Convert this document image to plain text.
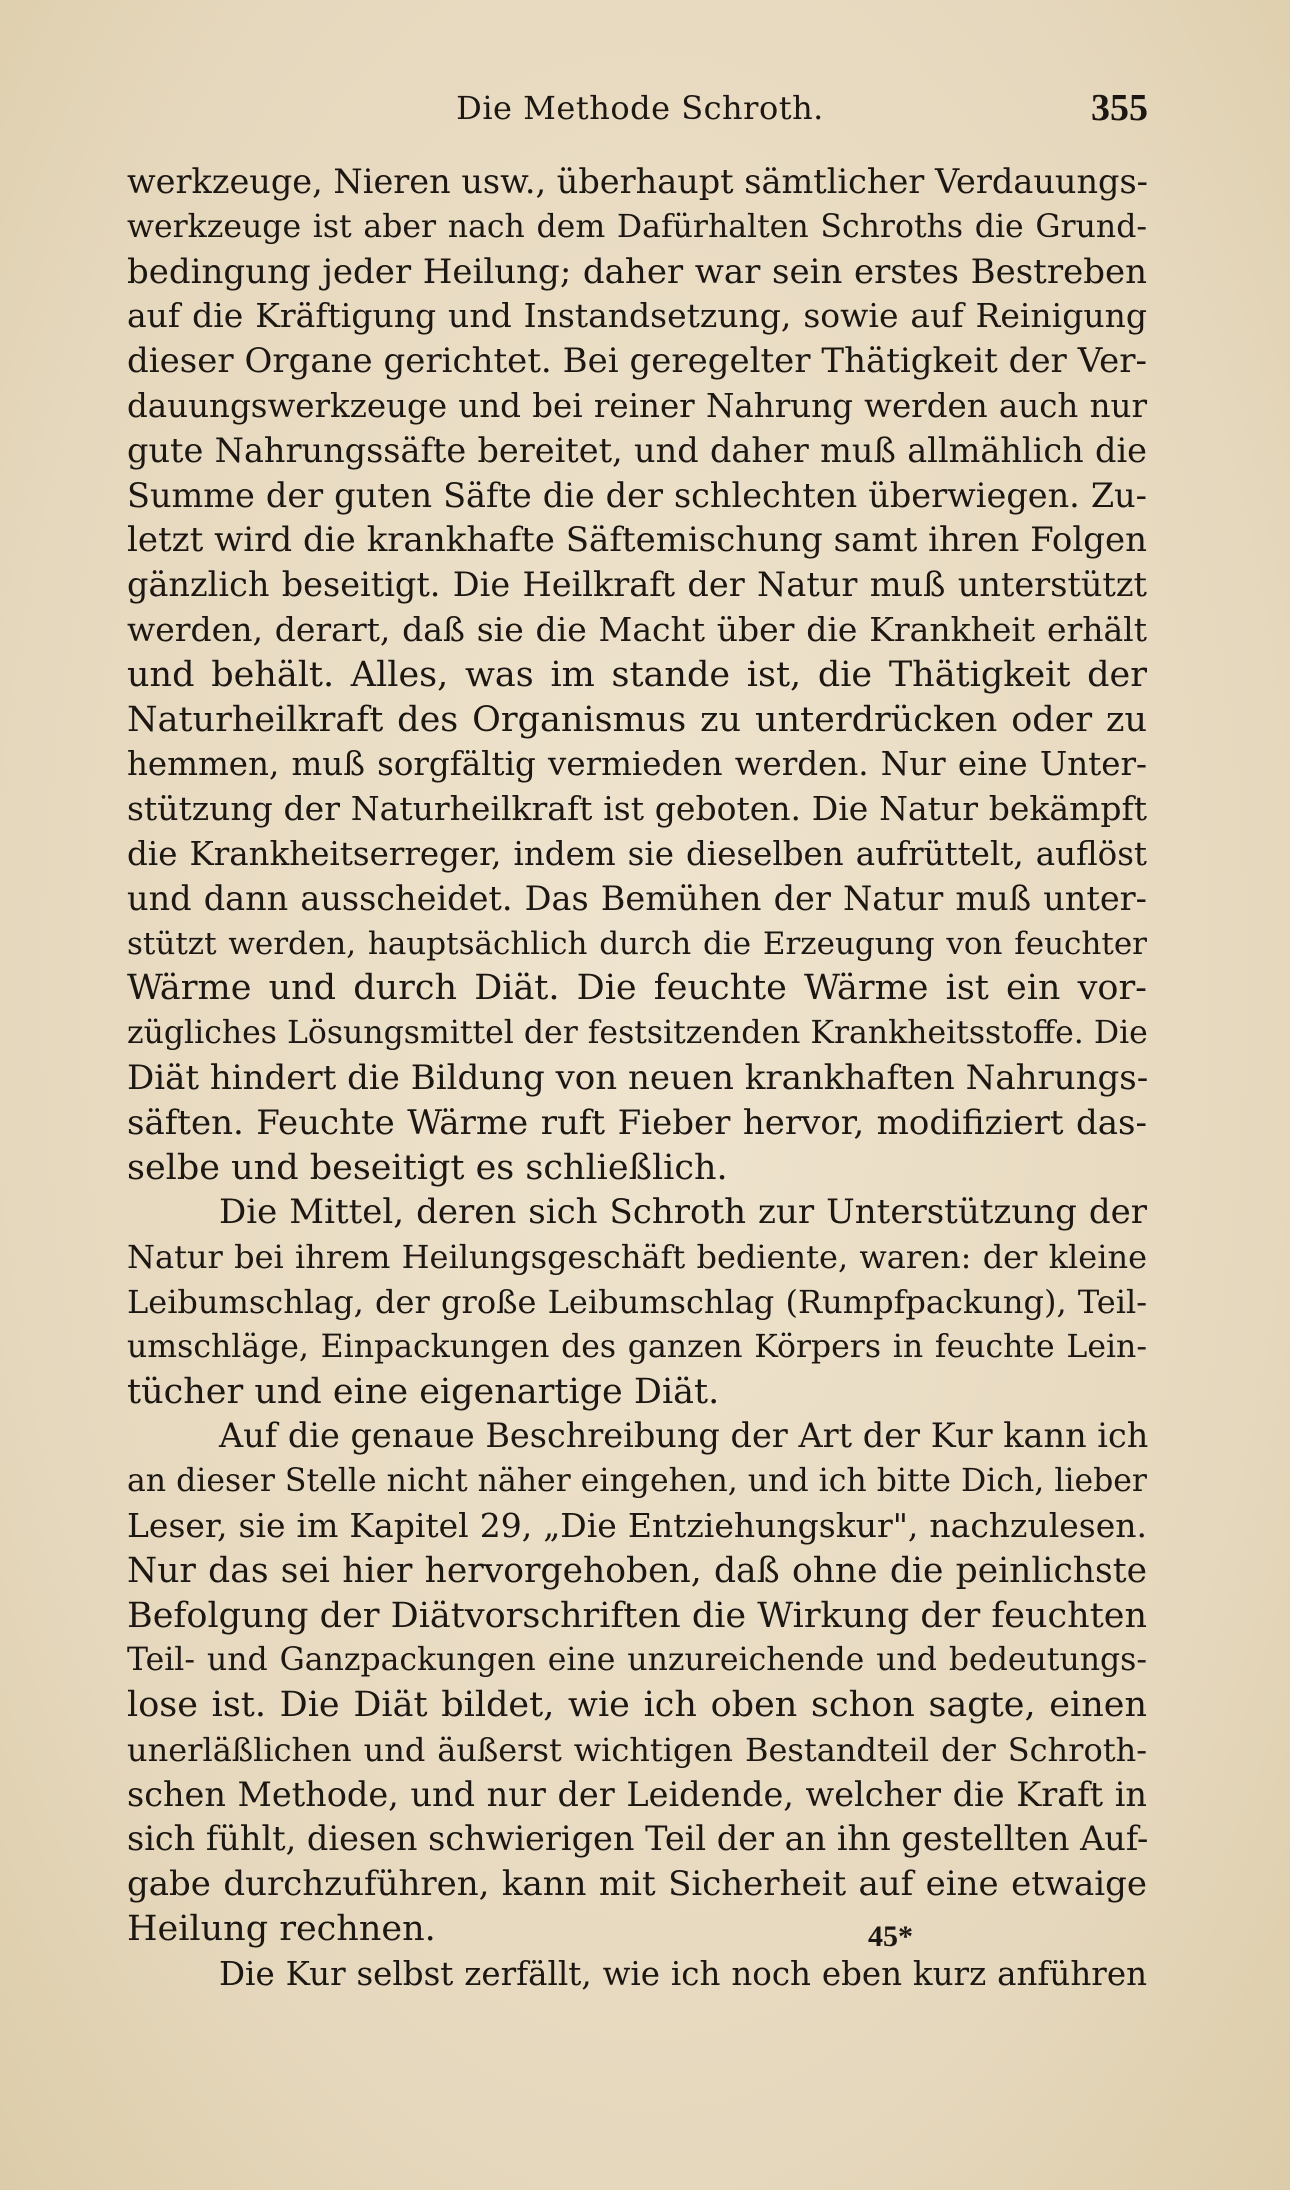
Die Methode Schroth.	355
werkzeuge, Nieren usw., überhaupt sämtlicher Verdauungs-
werkzeuge ist aber nach dem Dafürhalten Schroths die Grund-
bedingung jeder Heilung; daher war sein erstes Bestreben
auf die Kräftigung und Instandsetzung, sowie auf Reinigung
dieser Organe gerichtet. Bei geregelter Thätigkeit der Ver-
dauungswerkzeuge und bei reiner Nahrung werden auch nur
gute Nahrungssäfte bereitet, und daher muß allmählich die
Summe der guten Säfte die der schlechten überwiegen. Zu-
letzt wird die krankhafte Säftemischung samt ihren Folgen
gänzlich beseitigt. Die Heilkraft der Natur muß unterstützt
werden, derart, daß sie die Macht über die Krankheit erhält
und behält. Alles, was im stande ist, die Thätigkeit der
Naturheilkraft des Organismus zu unterdrücken oder zu
hemmen, muß sorgfältig vermieden werden. Nur eine Unter-
stützung der Naturheilkraft ist geboten. Die Natur bekämpft
die Krankheitserreger, indem sie dieselben aufrüttelt, auflöst
und dann ausscheidet. Das Bemühen der Natur muß unter-
stützt werden, hauptsächlich durch die Erzeugung von feuchter
Wärme und durch Diät. Die feuchte Wärme ist ein vor-
zügliches Lösungsmittel der festsitzenden Krankheitsstoffe. Die
Diät hindert die Bildung von neuen krankhaften Nahrungs-
säften. Feuchte Wärme ruft Fieber hervor, modifiziert das-
selbe und beseitigt es schließlich.
Die Mittel, deren sich Schroth zur Unterstützung der
Natur bei ihrem Heilungsgeschäft bediente, waren: der kleine
Leibumschlag, der große Leibumschlag (Rumpfpackung), Teil-
umschläge, Einpackungen des ganzen Körpers in feuchte Lein-
tücher und eine eigenartige Diät.
Auf die genaue Beschreibung der Art der Kur kann ich
an dieser Stelle nicht näher eingehen, und ich bitte Dich, lieber
Leser, sie im Kapitel 29, „Die Entziehungskur", nachzulesen.
Nur das sei hier hervorgehoben, daß ohne die peinlichste
Befolgung der Diätvorschriften die Wirkung der feuchten
Teil- und Ganzpackungen eine unzureichende und bedeutungs-
lose ist. Die Diät bildet, wie ich oben schon sagte, einen
unerläßlichen und äußerst wichtigen Bestandteil der Schroth-
schen Methode, und nur der Leidende, welcher die Kraft in
sich fühlt, diesen schwierigen Teil der an ihn gestellten Auf-
gabe durchzuführen, kann mit Sicherheit auf eine etwaige
Heilung rechnen.
Die Kur selbst zerfällt, wie ich noch eben kurz anführen
45*
